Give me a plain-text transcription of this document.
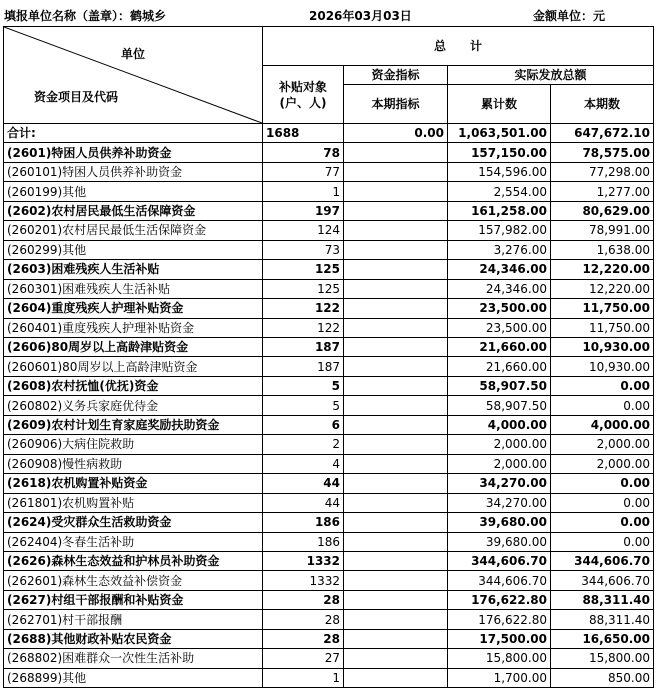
填报单位名称（盖章）：鹤城乡	2026年03月03日	金额单位：元
单位
资金项目及代码	总　　计			
	补贴对象(户、人)	资金指标	实际发放总额	
		本期指标	累计数	本期数
合计:	1688	0.00	1,063,501.00	647,672.10
(2601)特困人员供养补助资金	78		157,150.00	78,575.00
(260101)特困人员供养补助资金	77		154,596.00	77,298.00
(260199)其他	1		2,554.00	1,277.00
(2602)农村居民最低生活保障资金	197		161,258.00	80,629.00
(260201)农村居民最低生活保障资金	124		157,982.00	78,991.00
(260299)其他	73		3,276.00	1,638.00
(2603)困难残疾人生活补贴	125		24,346.00	12,220.00
(260301)困难残疾人生活补贴	125		24,346.00	12,220.00
(2604)重度残疾人护理补贴资金	122		23,500.00	11,750.00
(260401)重度残疾人护理补贴资金	122		23,500.00	11,750.00
(2606)80周岁以上高龄津贴资金	187		21,660.00	10,930.00
(260601)80周岁以上高龄津贴资金	187		21,660.00	10,930.00
(2608)农村抚恤(优抚)资金	5		58,907.50	0.00
(260802)义务兵家庭优待金	5		58,907.50	0.00
(2609)农村计划生育家庭奖励扶助资金	6		4,000.00	4,000.00
(260906)大病住院救助	2		2,000.00	2,000.00
(260908)慢性病救助	4		2,000.00	2,000.00
(2618)农机购置补贴资金	44		34,270.00	0.00
(261801)农机购置补贴	44		34,270.00	0.00
(2624)受灾群众生活救助资金	186		39,680.00	0.00
(262404)冬春生活补助	186		39,680.00	0.00
(2626)森林生态效益和护林员补助资金	1332		344,606.70	344,606.70
(262601)森林生态效益补偿资金	1332		344,606.70	344,606.70
(2627)村组干部报酬和补贴资金	28		176,622.80	88,311.40
(262701)村干部报酬	28		176,622.80	88,311.40
(2688)其他财政补贴农民资金	28		17,500.00	16,650.00
(268802)困难群众一次性生活补助	27		15,800.00	15,800.00
(268899)其他	1		1,700.00	850.00
